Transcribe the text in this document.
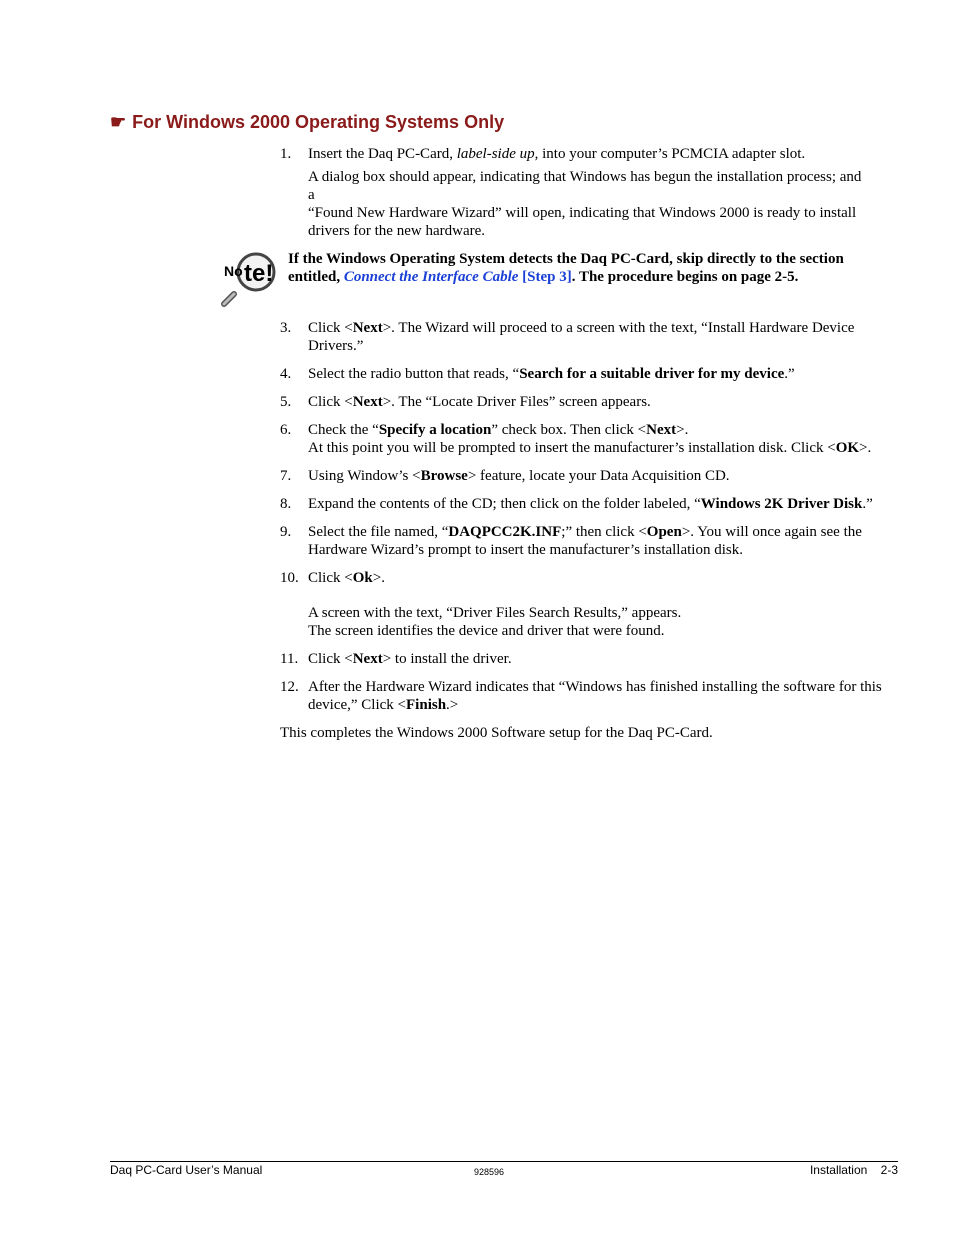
☛ For Windows 2000 Operating Systems Only
1. Insert the Daq PC-Card, label-side up, into your computer’s PCMCIA adapter slot.

A dialog box should appear, indicating that Windows has begun the installation process; and
a
“Found New Hardware Wizard” will open, indicating that Windows 2000 is ready to install drivers for the new hardware.

No te!
If the Windows Operating System detects the Daq PC-Card, skip directly to the section entitled, Connect the Interface Cable [Step 3]. The procedure begins on page 2-5.
3. Click <Next>. The Wizard will proceed to a screen with the text, “Install Hardware Device Drivers.”

4. Select the radio button that reads, “Search for a suitable driver for my device.”

5. Click <Next>. The “Locate Driver Files” screen appears.

6. Check the “Specify a location” check box. Then click <Next>.
At this point you will be prompted to insert the manufacturer’s installation disk. Click <OK>.

7. Using Window’s <Browse> feature, locate your Data Acquisition CD.

8. Expand the contents of the CD; then click on the folder labeled, “Windows 2K Driver Disk.”

9. Select the file named, “DAQPCC2K.INF;” then click <Open>. You will once again see the Hardware Wizard’s prompt to insert the manufacturer’s installation disk.

10. Click <Ok>.

A screen with the text, “Driver Files Search Results,” appears.
The screen identifies the device and driver that were found.

11. Click <Next> to install the driver.

12. After the Hardware Wizard indicates that “Windows has finished installing the software for this device,” Click <Finish.>

This completes the Windows 2000 Software setup for the Daq PC-Card.

Daq PC-Card User’s Manual	928596	Installation    2-3
